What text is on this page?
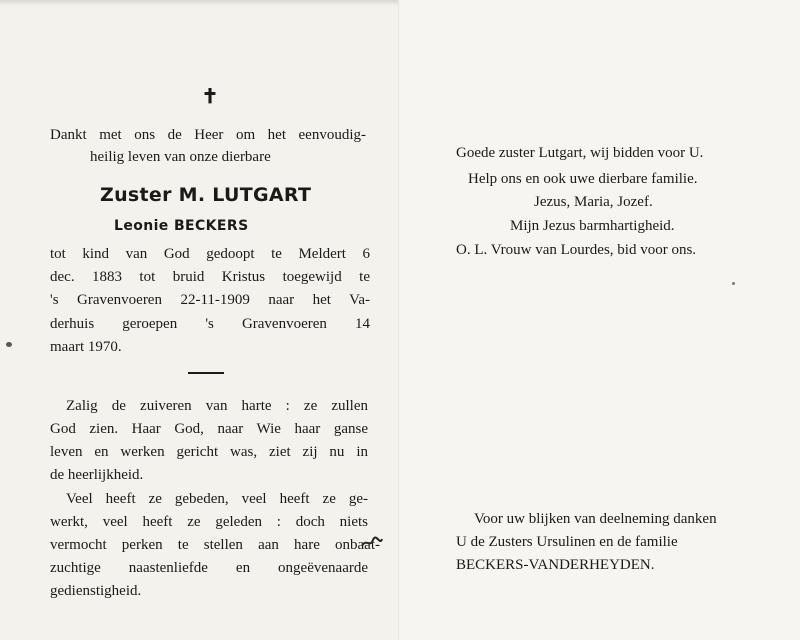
✝
Dankt met ons de Heer om het eenvoudig-
heilig leven van onze dierbare
Zuster M. LUTGART
Leonie BECKERS
tot kind van God gedoopt te Meldert 6
dec. 1883 tot bruid Kristus toegewijd te
's Gravenvoeren 22-11-1909 naar het Va-
derhuis geroepen 's Gravenvoeren 14
maart 1970.
Zalig de zuiveren van harte : ze zullen
God zien. Haar God, naar Wie haar ganse
leven en werken gericht was, ziet zij nu in
de heerlijkheid.
Veel heeft ze gebeden, veel heeft ze ge-
werkt, veel heeft ze geleden : doch niets
vermocht perken te stellen aan hare onbaat-
zuchtige naastenliefde en ongeëvenaarde
gedienstigheid.
Goede zuster Lutgart, wij bidden voor U.
Help ons en ook uwe dierbare familie.
Jezus, Maria, Jozef.
Mijn Jezus barmhartigheid.
O. L. Vrouw van Lourdes, bid voor ons.
Voor uw blijken van deelneming danken
U de Zusters Ursulinen en de familie
BECKERS-VANDERHEYDEN.
